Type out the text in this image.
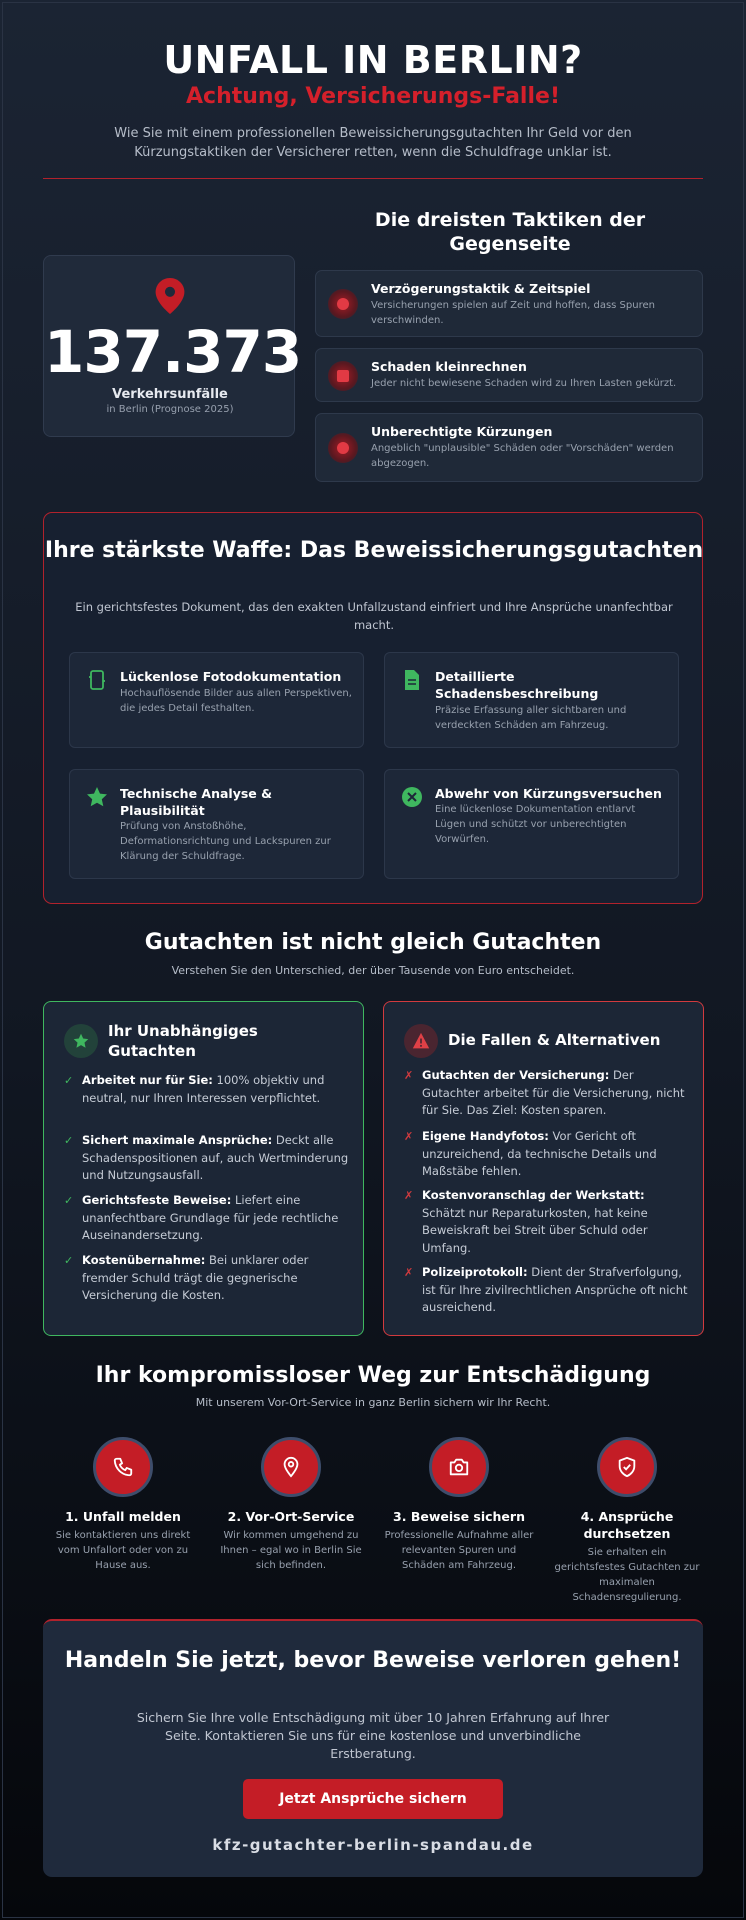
UNFALL IN BERLIN?
Achtung, Versicherungs-Falle!

Wie Sie mit einem professionellen Beweissicherungsgutachten Ihr Geld vor den Kürzungstaktiken der Versicherer retten, wenn die Schuldfrage unklar ist.

137.373
Verkehrsunfälle
in Berlin (Prognose 2025)
Die dreisten Taktiken der Gegenseite
Verzögerungstaktik & Zeitspiel
Versicherungen spielen auf Zeit und hoffen, dass Spuren verschwinden.
Schaden kleinrechnen
Jeder nicht bewiesene Schaden wird zu Ihren Lasten gekürzt.
Unberechtigte Kürzungen
Angeblich "unplausible" Schäden oder "Vorschäden" werden abgezogen.
Ihre stärkste Waffe: Das Beweissicherungsgutachten

Ein gerichtsfestes Dokument, das den exakten Unfallzustand einfriert und Ihre Ansprüche unanfechtbar macht.

Lückenlose Fotodokumentation
Hochauflösende Bilder aus allen Perspektiven, die jedes Detail festhalten.
Detaillierte Schadensbeschreibung
Präzise Erfassung aller sichtbaren und verdeckten Schäden am Fahrzeug.
Technische Analyse & Plausibilität
Prüfung von Anstoßhöhe, Deformationsrichtung und Lackspuren zur Klärung der Schuldfrage.
Abwehr von Kürzungsversuchen
Eine lückenlose Dokumentation entlarvt Lügen und schützt vor unberechtigten Vorwürfen.
Gutachten ist nicht gleich Gutachten

Verstehen Sie den Unterschied, der über Tausende von Euro entscheidet.

Ihr Unabhängiges Gutachten
✓ Arbeitet nur für Sie: 100% objektiv und neutral, nur Ihren Interessen verpflichtet.
✓ Sichert maximale Ansprüche: Deckt alle Schadenspositionen auf, auch Wertminderung und Nutzungsausfall.
✓ Gerichtsfeste Beweise: Liefert eine unanfechtbare Grundlage für jede rechtliche Auseinandersetzung.
✓ Kostenübernahme: Bei unklarer oder fremder Schuld trägt die gegnerische Versicherung die Kosten.
Die Fallen & Alternativen
✗ Gutachten der Versicherung: Der Gutachter arbeitet für die Versicherung, nicht für Sie. Das Ziel: Kosten sparen.
✗ Eigene Handyfotos: Vor Gericht oft unzureichend, da technische Details und Maßstäbe fehlen.
✗ Kostenvoranschlag der Werkstatt: Schätzt nur Reparaturkosten, hat keine Beweiskraft bei Streit über Schuld oder Umfang.
✗ Polizeiprotokoll: Dient der Strafverfolgung, ist für Ihre zivilrechtlichen Ansprüche oft nicht ausreichend.
Ihr kompromissloser Weg zur Entschädigung

Mit unserem Vor-Ort-Service in ganz Berlin sichern wir Ihr Recht.

1. Unfall melden
Sie kontaktieren uns direkt vom Unfallort oder von zu Hause aus.
2. Vor-Ort-Service
Wir kommen umgehend zu Ihnen – egal wo in Berlin Sie sich befinden.
3. Beweise sichern
Professionelle Aufnahme aller relevanten Spuren und Schäden am Fahrzeug.
4. Ansprüche durchsetzen
Sie erhalten ein gerichtsfestes Gutachten zur maximalen Schadensregulierung.
Handeln Sie jetzt, bevor Beweise verloren gehen!

Sichern Sie Ihre volle Entschädigung mit über 10 Jahren Erfahrung auf Ihrer Seite. Kontaktieren Sie uns für eine kostenlose und unverbindliche Erstberatung.

Jetzt Ansprüche sichern
kfz-gutachter-berlin-spandau.de
